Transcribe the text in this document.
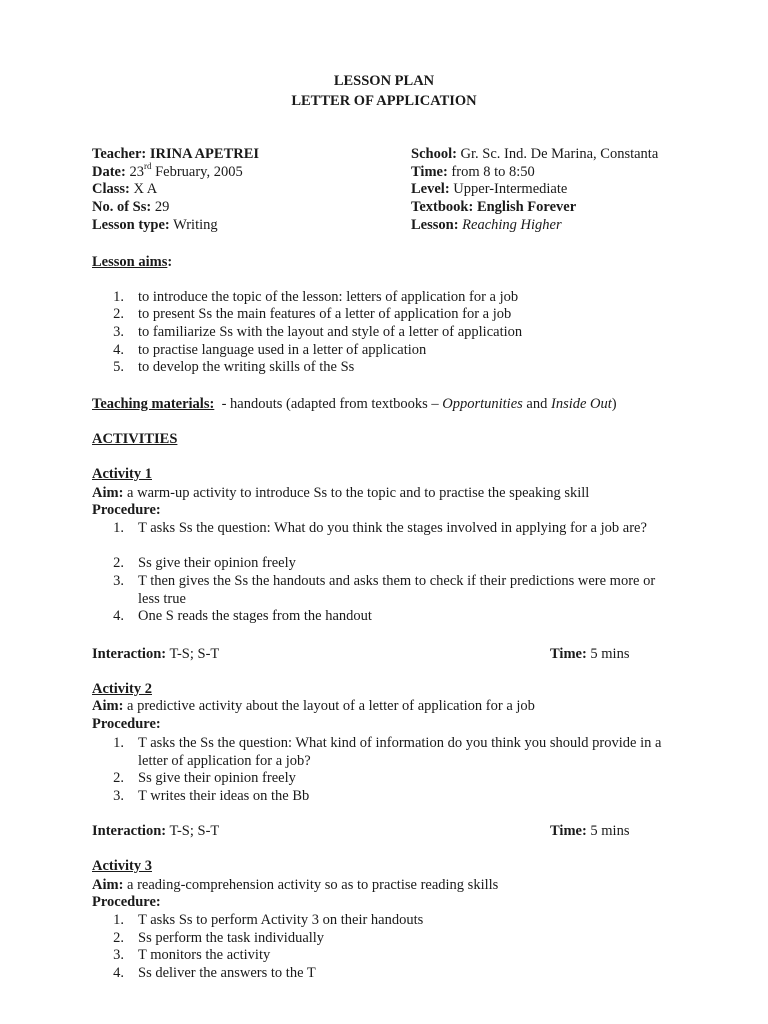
LESSON PLAN
LETTER OF APPLICATION
Teacher: IRINA APETREI
Date: 23rd February, 2005
Class: X A
No. of Ss: 29
Lesson type: Writing
School: Gr. Sc. Ind. De Marina, Constanta
Time: from 8 to 8:50
Level: Upper-Intermediate
Textbook: English Forever
Lesson: Reaching Higher
Lesson aims:
1. to introduce the topic of the lesson: letters of application for a job
2. to present Ss the main features of a letter of application for a job
3. to familiarize Ss with the layout and style of a letter of application
4. to practise language used in a letter of application
5. to develop the writing skills of the Ss
Teaching materials:  - handouts (adapted from textbooks – Opportunities and Inside Out)
ACTIVITIES
Activity 1
Aim: a warm-up activity to introduce Ss to the topic and to practise the speaking skill
Procedure:
1. T asks Ss the question: What do you think the stages involved in applying for a job are?
2. Ss give their opinion freely
3. T then gives the Ss the handouts and asks them to check if their predictions were more or less true
4. One S reads the stages from the handout
Interaction: T-S; S-T	Time: 5 mins
Activity 2
Aim: a predictive activity about the layout of a letter of application for a job
Procedure:
1. T asks the Ss the question: What kind of information do you think you should provide in a letter of application for a job?
2. Ss give their opinion freely
3. T writes their ideas on the Bb
Interaction: T-S; S-T	Time: 5 mins
Activity 3
Aim: a reading-comprehension activity so as to practise reading skills
Procedure:
1. T asks Ss to perform Activity 3 on their handouts
2. Ss perform the task individually
3. T monitors the activity
4. Ss deliver the answers to the T
